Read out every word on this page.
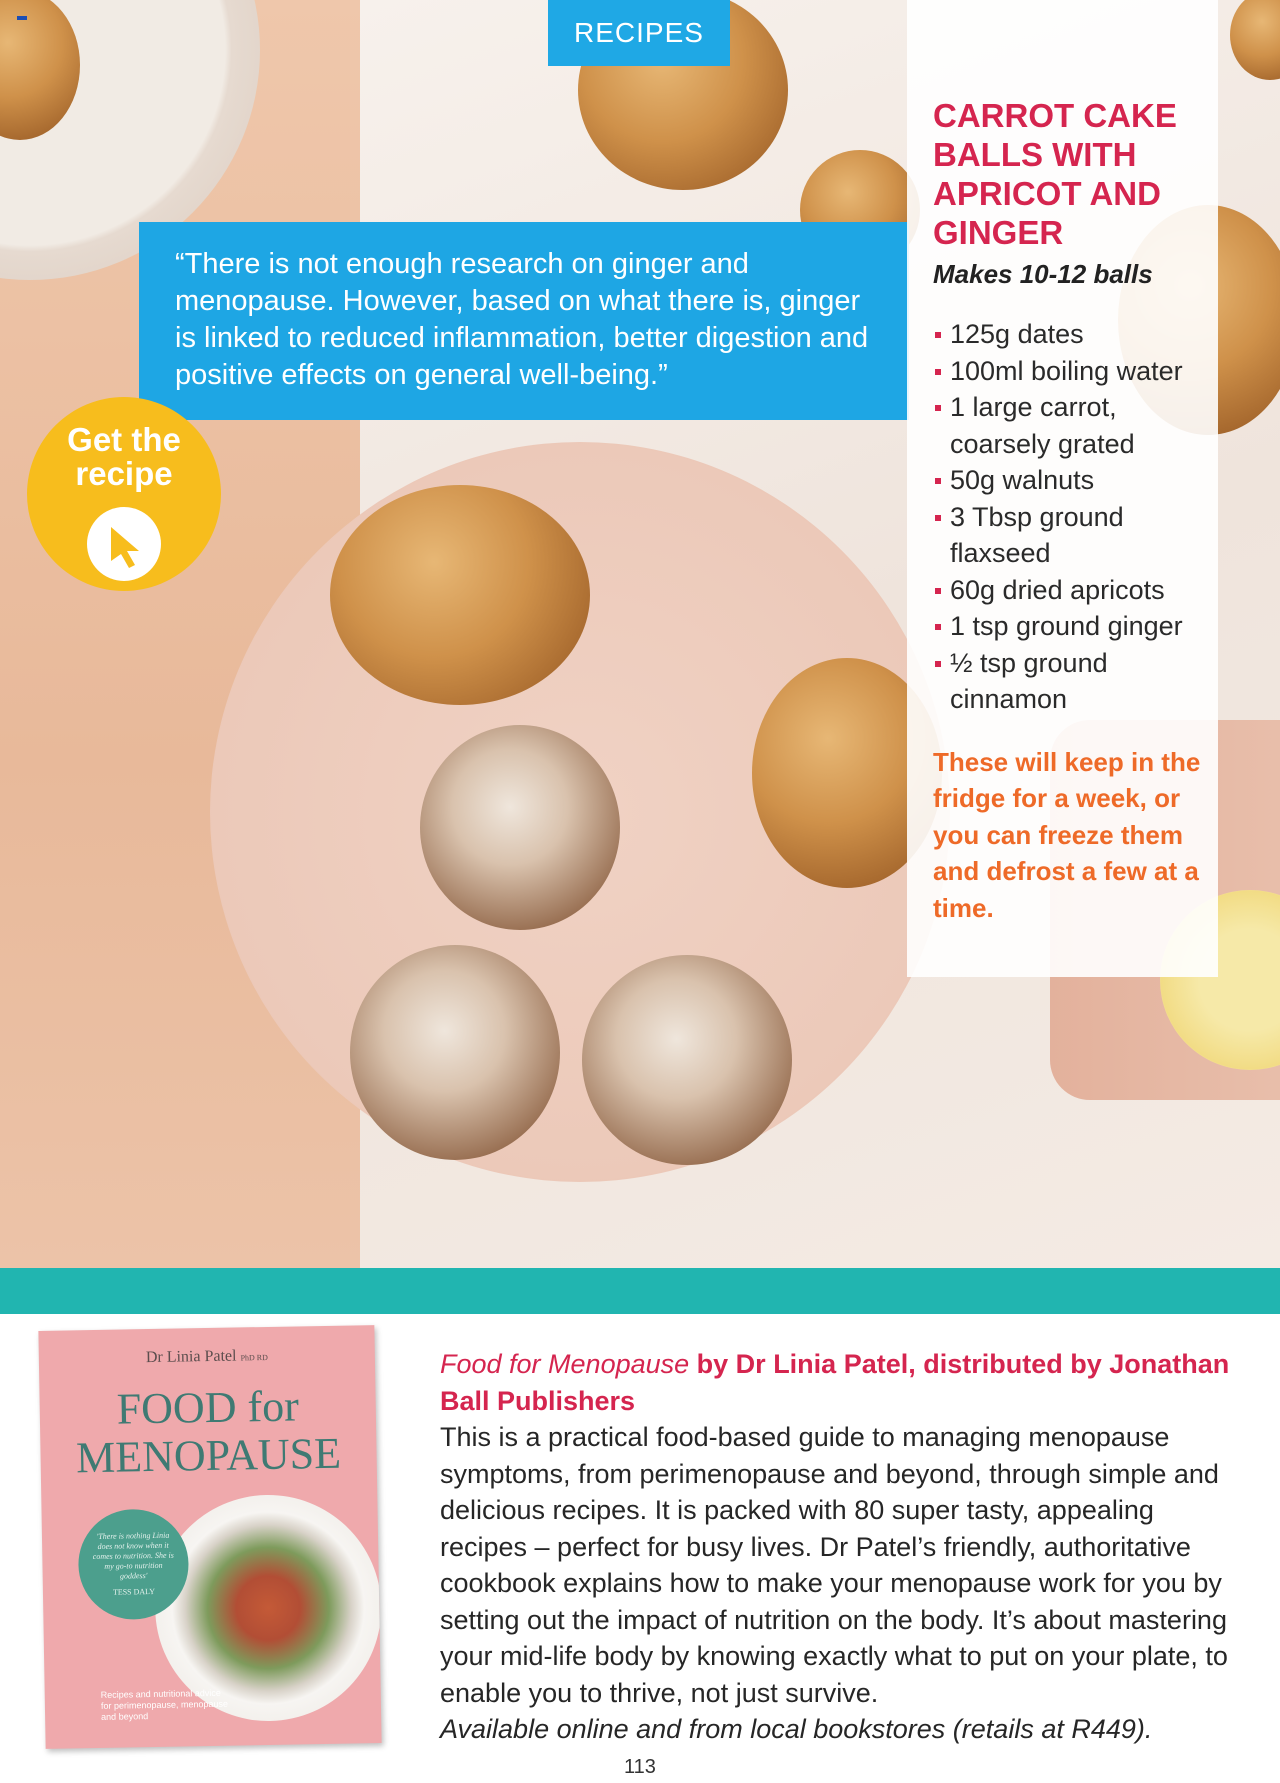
RECIPES
“There is not enough research on ginger and menopause. However, based on what there is, ginger is linked to reduced inflammation, better digestion and positive effects on general well-being.”
Get the
recipe
CARROT CAKE
BALLS WITH
APRICOT AND
GINGER

Makes 10-12 balls

125g dates
100ml boiling water
1 large carrot, coarsely grated
50g walnuts
3 Tbsp ground flaxseed
60g dried apricots
1 tsp ground ginger
½ tsp ground cinnamon

These will keep in the fridge for a week, or you can freeze them and defrost a few at a time.

Dr Linia Patel PhD RD
FOOD for
MENOPAUSE
'There is nothing Linia does not know when it comes to nutrition. She is my go-to nutrition goddess'
TESS DALY
Recipes and nutritional advice for perimenopause, menopause and beyond
Food for Menopause by Dr Linia Patel, distributed by Jonathan Ball Publishers
This is a practical food-based guide to managing menopause symptoms, from perimenopause and beyond, through simple and delicious recipes. It is packed with 80 super tasty, appealing recipes – perfect for busy lives. Dr Patel’s friendly, authoritative cookbook explains how to make your menopause work for you by setting out the impact of nutrition on the body. It’s about mastering your mid-life body by knowing exactly what to put on your plate, to enable you to thrive, not just survive.
Available online and from local bookstores (retails at R449).
113
